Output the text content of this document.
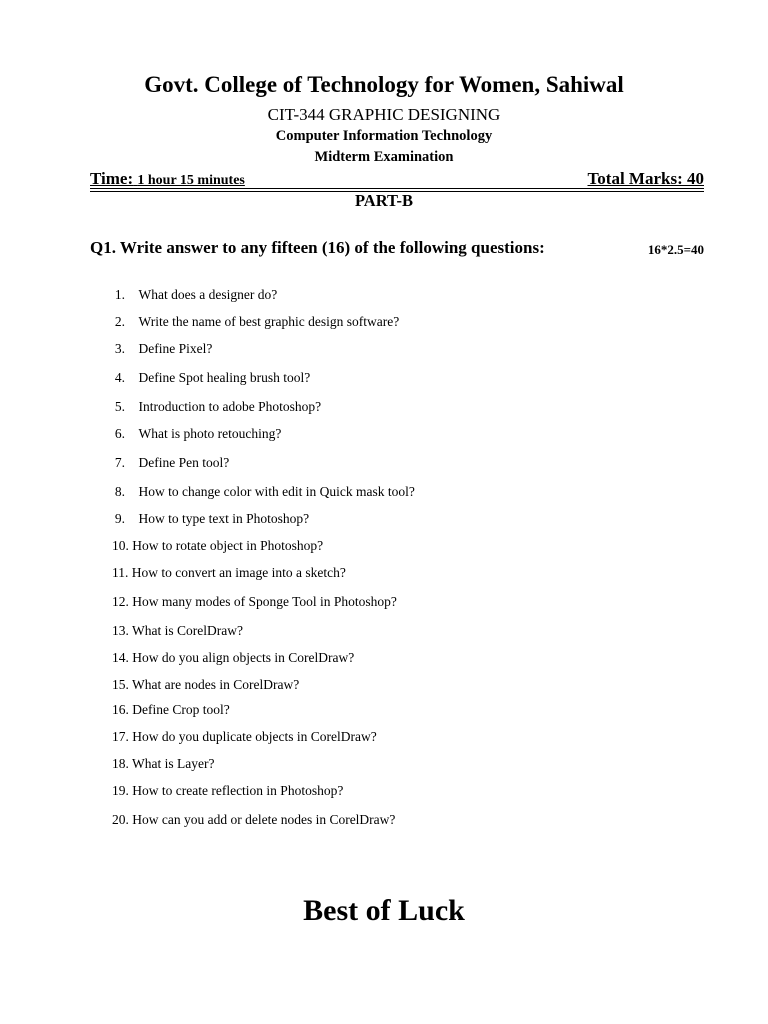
Govt. College of Technology for Women, Sahiwal
CIT-344 GRAPHIC DESIGNING
Computer Information Technology
Midterm Examination
Time: 1 hour 15 minutes	Total Marks: 40
PART-B
Q1. Write answer to any fifteen (16) of the following questions:	16*2.5=40
1. What does a designer do?
2. Write the name of best graphic design software?
3. Define Pixel?
4. Define Spot healing brush tool?
5. Introduction to adobe Photoshop?
6. What is photo retouching?
7. Define Pen tool?
8. How to change color with edit in Quick mask tool?
9. How to type text in Photoshop?
10. How to rotate object in Photoshop?
11. How to convert an image into a sketch?
12. How many modes of Sponge Tool in Photoshop?
13. What is CorelDraw?
14. How do you align objects in CorelDraw?
15. What are nodes in CorelDraw?
16. Define Crop tool?
17. How do you duplicate objects in CorelDraw?
18. What is Layer?
19. How to create reflection in Photoshop?
20. How can you add or delete nodes in CorelDraw?
Best of Luck
